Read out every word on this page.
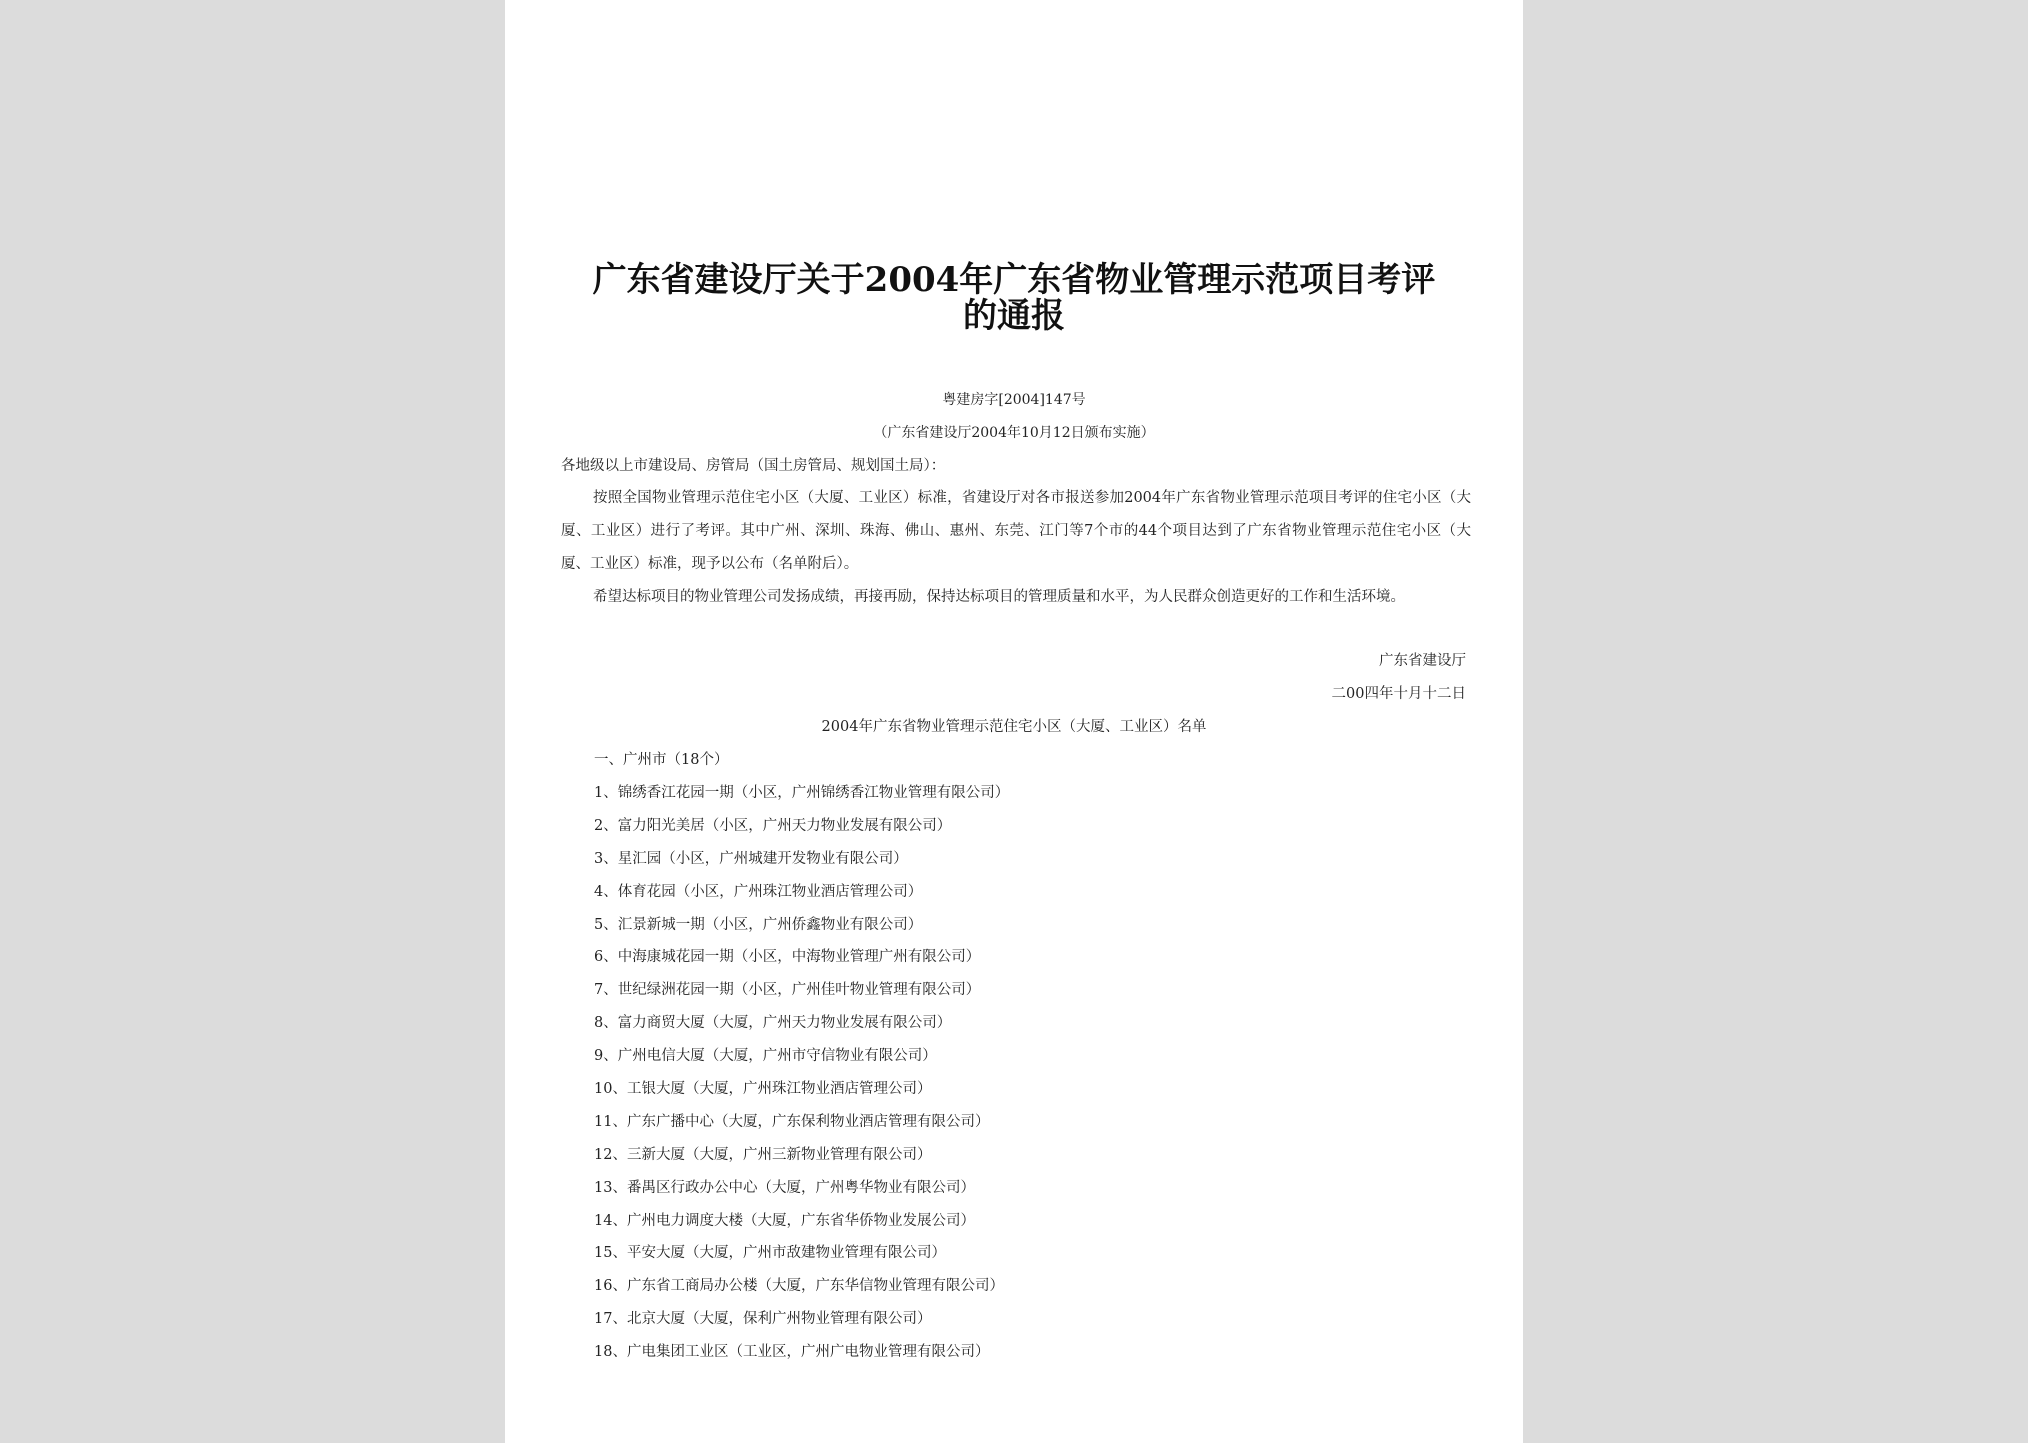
广东省建设厅关于2004年广东省物业管理示范项目考评的通报
粤建房字[2004]147号
（广东省建设厅2004年10月12日颁布实施）
各地级以上市建设局、房管局（国土房管局、规划国土局）：
按照全国物业管理示范住宅小区（大厦、工业区）标准，省建设厅对各市报送参加2004年广东省物业管理示范项目考评的住宅小区（大厦、工业区）进行了考评。其中广州、深圳、珠海、佛山、惠州、东莞、江门等7个市的44个项目达到了广东省物业管理示范住宅小区（大厦、工业区）标准，现予以公布（名单附后）。
希望达标项目的物业管理公司发扬成绩，再接再励，保持达标项目的管理质量和水平，为人民群众创造更好的工作和生活环境。
广东省建设厅
二00四年十月十二日
2004年广东省物业管理示范住宅小区（大厦、工业区）名单
一、广州市（18个）
1、锦绣香江花园一期（小区，广州锦绣香江物业管理有限公司）
2、富力阳光美居（小区，广州天力物业发展有限公司）
3、星汇园（小区，广州城建开发物业有限公司）
4、体育花园（小区，广州珠江物业酒店管理公司）
5、汇景新城一期（小区，广州侨鑫物业有限公司）
6、中海康城花园一期（小区，中海物业管理广州有限公司）
7、世纪绿洲花园一期（小区，广州佳叶物业管理有限公司）
8、富力商贸大厦（大厦，广州天力物业发展有限公司）
9、广州电信大厦（大厦，广州市守信物业有限公司）
10、工银大厦（大厦，广州珠江物业酒店管理公司）
11、广东广播中心（大厦，广东保利物业酒店管理有限公司）
12、三新大厦（大厦，广州三新物业管理有限公司）
13、番禺区行政办公中心（大厦，广州粤华物业有限公司）
14、广州电力调度大楼（大厦，广东省华侨物业发展公司）
15、平安大厦（大厦，广州市敌建物业管理有限公司）
16、广东省工商局办公楼（大厦，广东华信物业管理有限公司）
17、北京大厦（大厦，保利广州物业管理有限公司）
18、广电集团工业区（工业区，广州广电物业管理有限公司）
